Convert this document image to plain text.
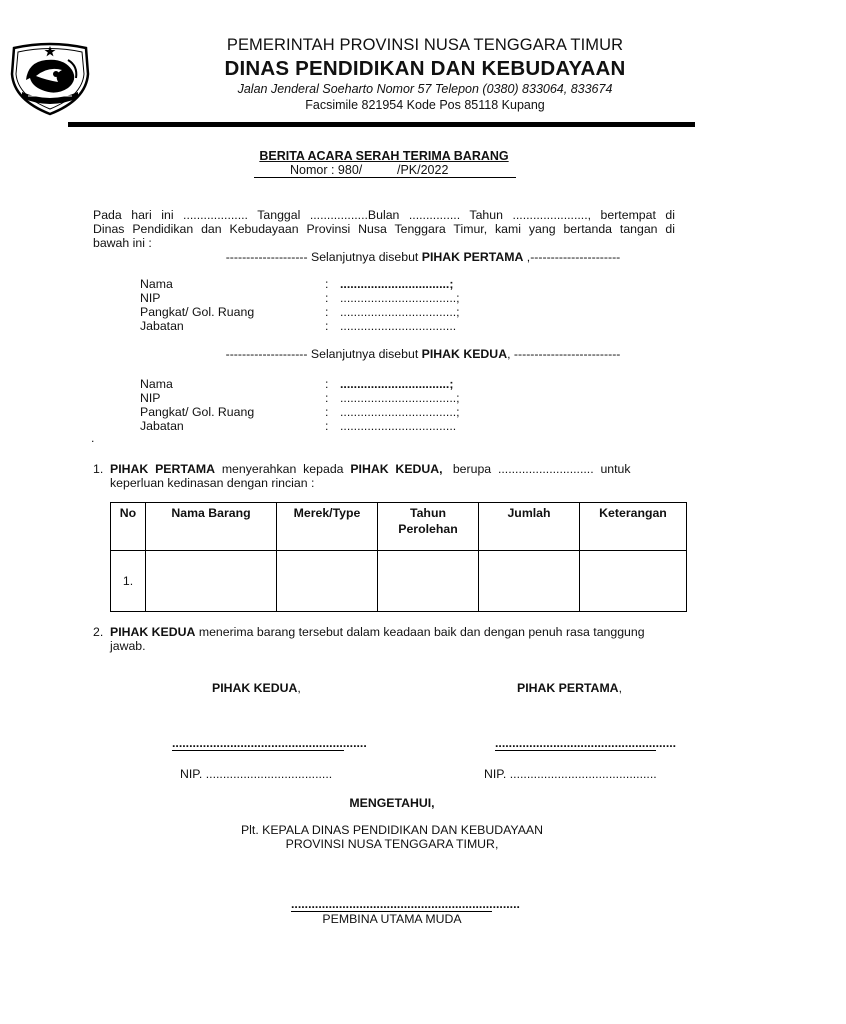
PEMERINTAH PROVINSI NUSA TENGGARA TIMUR
DINAS PENDIDIKAN DAN KEBUDAYAAN
Jalan Jenderal Soeharto Nomor 57 Telepon (0380) 833064, 833674
Facsimile 821954 Kode Pos 85118 Kupang
BERITA ACARA SERAH TERIMA BARANG
Nomor : 980/          /PK/2022
Pada hari ini ................... Tanggal .................Bulan ............... Tahun ......................, bertempat di
Dinas Pendidikan dan Kebudayaan Provinsi Nusa Tenggara Timur, kami yang bertanda tangan di
bawah ini :
-------------------- Selanjutnya disebut PIHAK PERTAMA ,----------------------
Nama	: ................................;
NIP	: ..................................;
Pangkat/ Gol. Ruang	: ..................................;
Jabatan	: ..................................
-------------------- Selanjutnya disebut PIHAK KEDUA, --------------------------
Nama	: ................................;
NIP	: ..................................;
Pangkat/ Gol. Ruang	: ..................................;
Jabatan	: ..................................
.
1. PIHAK  PERTAMA  menyerahkan  kepada  PIHAK  KEDUA,   berupa  ............................  untuk
keperluan kedinasan dengan rincian :
No	Nama Barang	Merek/Type	Tahun Perolehan	Jumlah	Keterangan
1.					
2. PIHAK KEDUA menerima barang tersebut dalam keadaan baik dan dengan penuh rasa tanggung
jawab.
PIHAK KEDUA,	PIHAK PERTAMA,
.........................................................	.....................................................
NIP. .....................................	NIP. ...........................................
MENGETAHUI,
Plt. KEPALA DINAS PENDIDIKAN DAN KEBUDAYAAN
PROVINSI NUSA TENGGARA TIMUR,
...................................................................
PEMBINA UTAMA MUDA
